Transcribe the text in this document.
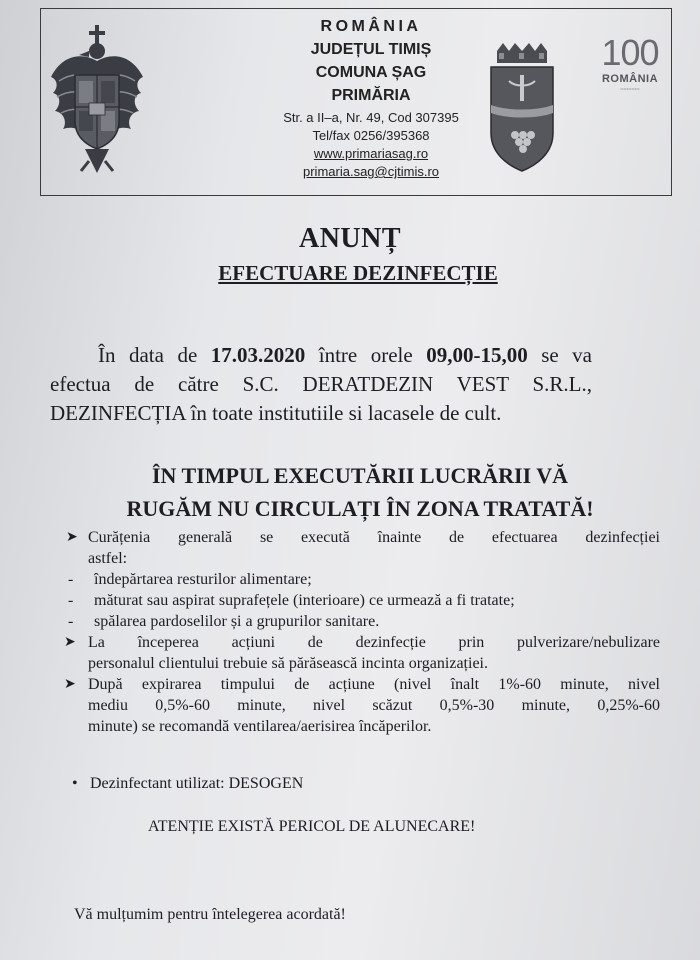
ROMÂNIA
JUDEȚUL TIMIȘ
COMUNA ȘAG
PRIMĂRIA
Str. a II–a, Nr. 49, Cod 307395
Tel/fax 0256/395368
www.primariasag.ro
primaria.sag@cjtimis.ro
100
ROMÂNIA
••••••••••••
ANUNȚ
EFECTUARE DEZINFECȚIE
În data de 17.03.2020 între orele 09,00-15,00 se va
efectua de către S.C. DERATDEZIN VEST S.R.L.,
DEZINFECȚIA în toate institutiile si lacasele de cult.
ÎN TIMPUL EXECUTĂRII LUCRĂRII VĂ
RUGĂM NU CIRCULAȚI ÎN ZONA TRATATĂ!
➤ Curățenia generală se execută înainte de efectuarea dezinfecției
astfel:
- îndepărtarea resturilor alimentare;
- măturat sau aspirat suprafețele (interioare) ce urmează a fi tratate;
- spălarea pardoselilor și a grupurilor sanitare.
➤ La începerea acțiuni de dezinfecție prin pulverizare/nebulizare
personalul clientului trebuie să părăsească incinta organizației.
➤ După expirarea timpului de acțiune (nivel înalt 1%-60 minute, nivel
mediu 0,5%-60 minute, nivel scăzut 0,5%-30 minute, 0,25%-60
minute) se recomandă ventilarea/aerisirea încăperilor.
• Dezinfectant utilizat: DESOGEN
ATENȚIE EXISTĂ PERICOL DE ALUNECARE!
Vă mulțumim pentru întelegerea acordată!
